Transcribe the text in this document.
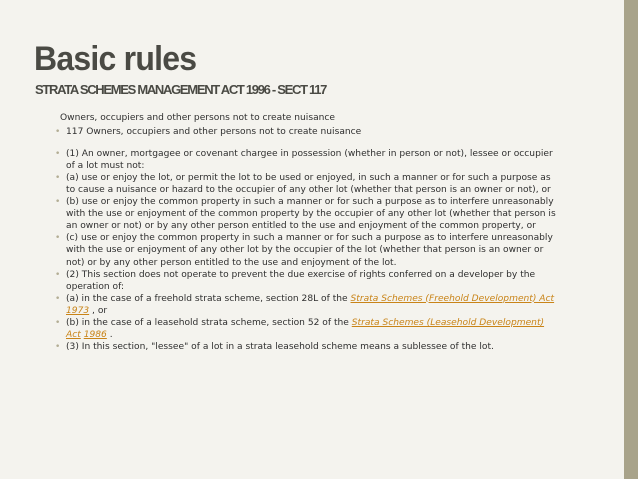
Basic rules
STRATA SCHEMES MANAGEMENT ACT 1996 - SECT 117

Owners, occupiers and other persons not to create nuisance

• 117 Owners, occupiers and other persons not to create nuisance
• (1) An owner, mortgagee or covenant chargee in possession (whether in person or not), lessee or occupier of a lot must not:
• (a) use or enjoy the lot, or permit the lot to be used or enjoyed, in such a manner or for such a purpose as to cause a nuisance or hazard to the occupier of any other lot (whether that person is an owner or not), or
• (b) use or enjoy the common property in such a manner or for such a purpose as to interfere unreasonably with the use or enjoyment of the common property by the occupier of any other lot (whether that person is an owner or not) or by any other person entitled to the use and enjoyment of the common property, or
• (c) use or enjoy the common property in such a manner or for such a purpose as to interfere unreasonably with the use or enjoyment of any other lot by the occupier of the lot (whether that person is an owner or not) or by any other person entitled to the use and enjoyment of the lot.
• (2) This section does not operate to prevent the due exercise of rights conferred on a developer by the operation of:
• (a) in the case of a freehold strata scheme, section 28L of the Strata Schemes (Freehold Development) Act 1973 , or
• (b) in the case of a leasehold strata scheme, section 52 of the Strata Schemes (Leasehold Development) Act 1986 .
• (3) In this section, "lessee" of a lot in a strata leasehold scheme means a sublessee of the lot.
